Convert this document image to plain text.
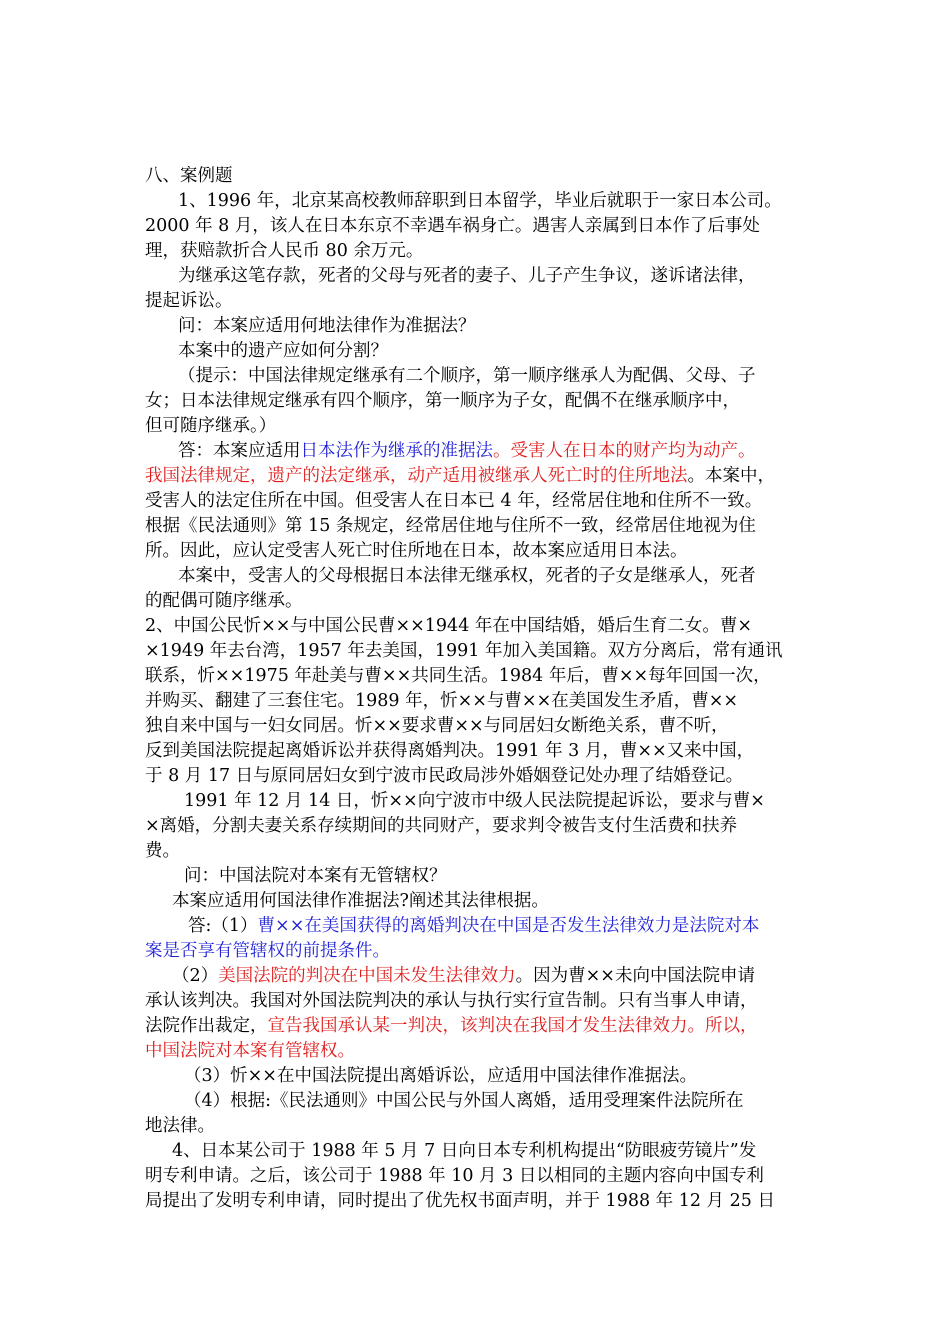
八、案例题
1、1996 年，北京某高校教师辞职到日本留学，毕业后就职于一家日本公司。
2000 年 8 月，该人在日本东京不幸遇车祸身亡。遇害人亲属到日本作了后事处
理，获赔款折合人民币 80 余万元。
为继承这笔存款，死者的父母与死者的妻子、儿子产生争议，遂诉诸法律，
提起诉讼。
问：本案应适用何地法律作为准据法？
本案中的遗产应如何分割？
（提示：中国法律规定继承有二个顺序，第一顺序继承人为配偶、父母、子
女；日本法律规定继承有四个顺序，第一顺序为子女，配偶不在继承顺序中，
但可随序继承。）
答：本案应适用日本法作为继承的准据法。受害人在日本的财产均为动产。
我国法律规定，遗产的法定继承，动产适用被继承人死亡时的住所地法。本案中，
受害人的法定住所在中国。但受害人在日本已 4 年，经常居住地和住所不一致。
根据《民法通则》第 15 条规定，经常居住地与住所不一致，经常居住地视为住
所。因此，应认定受害人死亡时住所地在日本，故本案应适用日本法。
本案中，受害人的父母根据日本法律无继承权，死者的子女是继承人，死者
的配偶可随序继承。
2、中国公民忻××与中国公民曹××1944 年在中国结婚，婚后生育二女。曹×
×1949 年去台湾，1957 年去美国，1991 年加入美国籍。双方分离后，常有通讯
联系，忻××1975 年赴美与曹××共同生活。1984 年后，曹××每年回国一次，
并购买、翻建了三套住宅。1989 年，忻××与曹××在美国发生矛盾，曹××
独自来中国与一妇女同居。忻××要求曹××与同居妇女断绝关系，曹不听，
反到美国法院提起离婚诉讼并获得离婚判决。1991 年 3 月，曹××又来中国，
于 8 月 17 日与原同居妇女到宁波市民政局涉外婚姻登记处办理了结婚登记。
1991 年 12 月 14 日，忻××向宁波市中级人民法院提起诉讼，要求与曹×
×离婚，分割夫妻关系存续期间的共同财产，要求判令被告支付生活费和扶养
费。
问：中国法院对本案有无管辖权？
本案应适用何国法律作准据法?阐述其法律根据。
答:（1）曹××在美国获得的离婚判决在中国是否发生法律效力是法院对本
案是否享有管辖权的前提条件。
（2）美国法院的判决在中国未发生法律效力。因为曹××未向中国法院申请
承认该判决。我国对外国法院判决的承认与执行实行宣告制。只有当事人申请，
法院作出裁定，宣告我国承认某一判决，该判决在我国才发生法律效力。所以，
中国法院对本案有管辖权。
（3）忻××在中国法院提出离婚诉讼，应适用中国法律作准据法。
（4）根据:《民法通则》中国公民与外国人离婚，适用受理案件法院所在
地法律。
4、日本某公司于 1988 年 5 月 7 日向日本专利机构提出“防眼疲劳镜片”发
明专利申请。之后，该公司于 1988 年 10 月 3 日以相同的主题内容向中国专利
局提出了发明专利申请，同时提出了优先权书面声明，并于 1988 年 12 月 25 日
